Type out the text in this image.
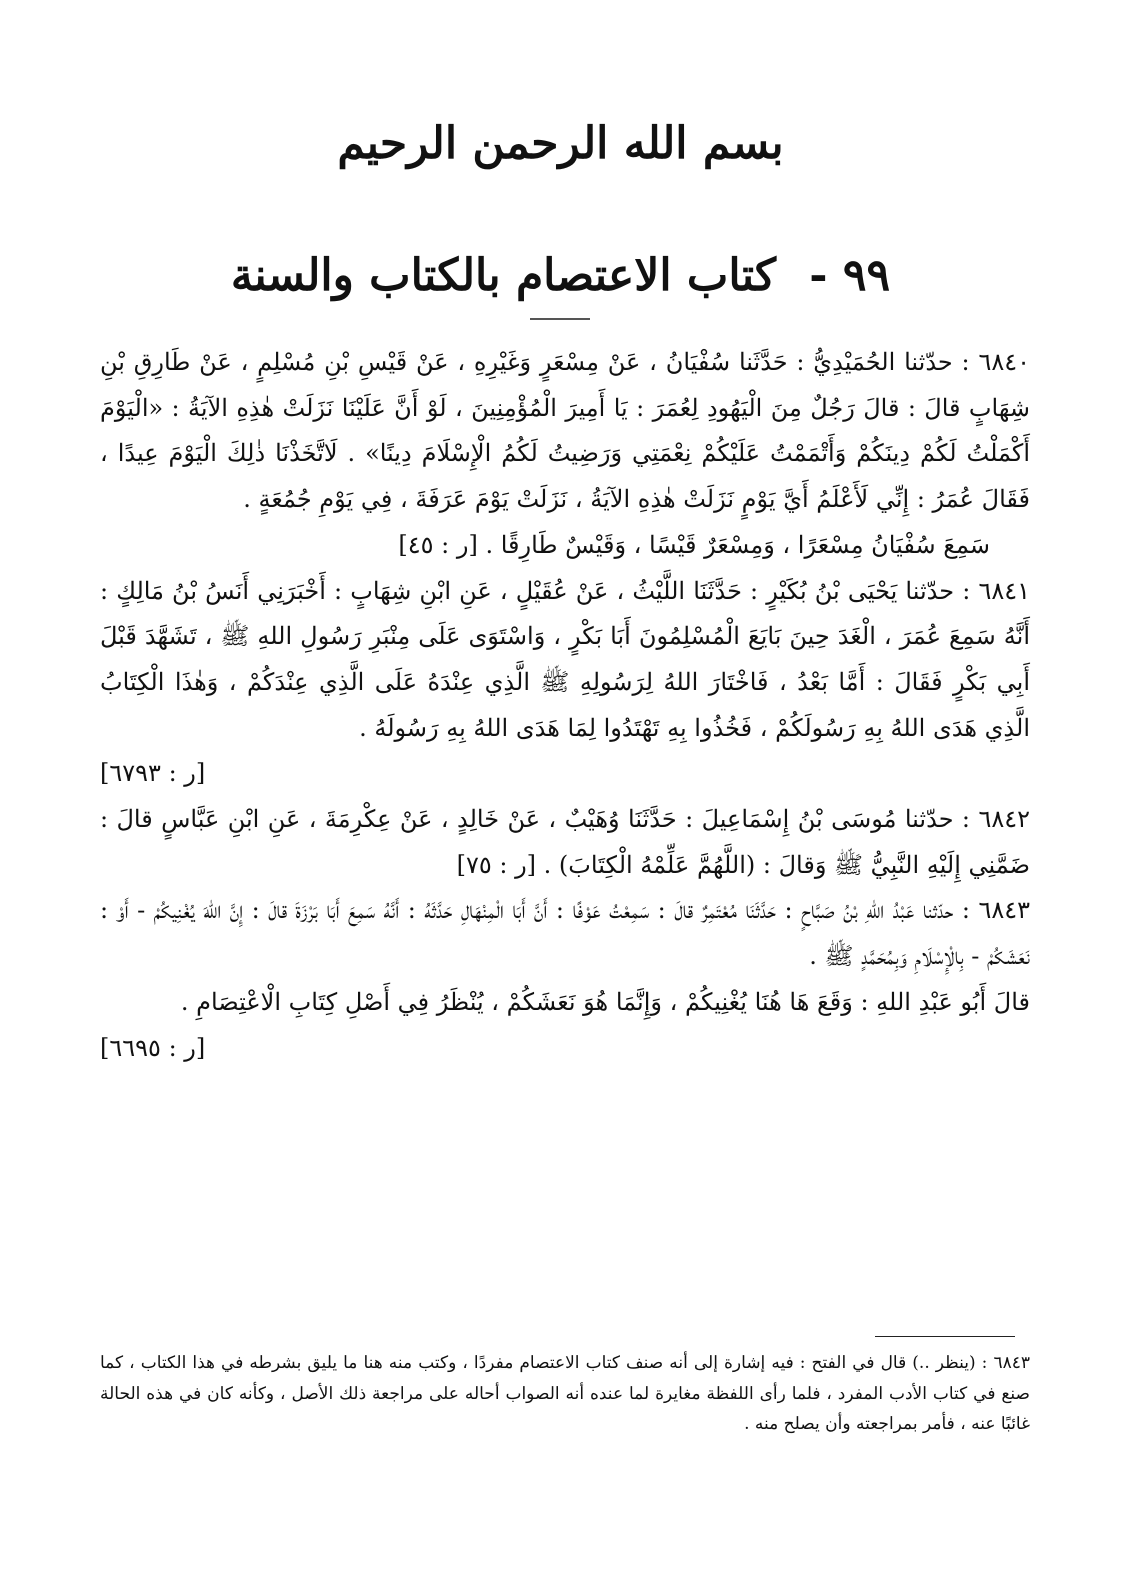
بسم الله الرحمن الرحيم
٩٩ - كتاب الاعتصام بالكتاب والسنة

٦٨٤٠ : حدّثنا الحُمَيْدِيُّ : حَدَّثَنا سُفْيَانُ ، عَنْ مِسْعَرٍ وَغَيْرِهِ ، عَنْ قَيْسِ بْنِ مُسْلِمٍ ، عَنْ طَارِقِ بْنِ شِهَابٍ قالَ : قالَ رَجُلٌ مِنَ الْيَهُودِ لِعُمَرَ : يَا أَمِيرَ الْمُؤْمِنِينَ ، لَوْ أَنَّ عَلَيْنَا نَزَلَتْ هٰذِهِ الآيَةُ : «الْيَوْمَ أَكْمَلْتُ لَكُمْ دِينَكُمْ وَأَتْمَمْتُ عَلَيْكُمْ نِعْمَتِي وَرَضِيتُ لَكُمُ الْإِسْلَامَ دِينًا» . لَاتَّخَذْنَا ذٰلِكَ الْيَوْمَ عِيدًا ، فَقَالَ عُمَرُ : إِنِّي لَأَعْلَمُ أَيَّ يَوْمٍ نَزَلَتْ هٰذِهِ الآيَةُ ، نَزَلَتْ يَوْمَ عَرَفَةَ ، فِي يَوْمِ جُمُعَةٍ .

سَمِعَ سُفْيَانُ مِسْعَرًا ، وَمِسْعَرٌ قَيْسًا ، وَقَيْسٌ طَارِقًا . [ر : ٤٥]

٦٨٤١ : حدّثنا يَحْيَى بْنُ بُكَيْرٍ : حَدَّثَنَا اللَّيْثُ ، عَنْ عُقَيْلٍ ، عَنِ ابْنِ شِهَابٍ : أَخْبَرَنِي أَنَسُ بْنُ مَالِكٍ : أَنَّهُ سَمِعَ عُمَرَ ، الْغَدَ حِينَ بَايَعَ الْمُسْلِمُونَ أَبَا بَكْرٍ ، وَاسْتَوَى عَلَى مِنْبَرِ رَسُولِ اللهِ ﷺ ، تَشَهَّدَ قَبْلَ أَبِي بَكْرٍ فَقَالَ : أَمَّا بَعْدُ ، فَاخْتَارَ اللهُ لِرَسُولِهِ ﷺ الَّذِي عِنْدَهُ عَلَى الَّذِي عِنْدَكُمْ ، وَهٰذَا الْكِتَابُ الَّذِي هَدَى اللهُ بِهِ رَسُولَكُمْ ، فَخُذُوا بِهِ تَهْتَدُوا لِمَا هَدَى اللهُ بِهِ رَسُولَهُ .

[ر : ٦٧٩٣]

٦٨٤٢ : حدّثنا مُوسَى بْنُ إِسْمَاعِيلَ : حَدَّثَنَا وُهَيْبٌ ، عَنْ خَالِدٍ ، عَنْ عِكْرِمَةَ ، عَنِ ابْنِ عَبَّاسٍ قالَ : ضَمَّنِي إِلَيْهِ النَّبِيُّ ﷺ وَقالَ : (اللَّهُمَّ عَلِّمْهُ الْكِتَابَ) . [ر : ٧٥]

٦٨٤٣ : حدّثنا عَبْدُ اللهِ بْنُ صَبَّاحٍ : حَدَّثَنَا مُعْتَمِرٌ قالَ : سَمِعْتُ عَوْفًا : أَنَّ أَبَا الْمِنْهَالِ حَدَّثَهُ : أَنَّهُ سَمِعَ أَبَا بَرْزَةَ قالَ : إِنَّ اللهَ يُغْنِيكُمْ - أَوْ : نَعَشَكُمْ - بِالْإِسْلَامِ وَبِمُحَمَّدٍ ﷺ .

قالَ أَبُو عَبْدِ اللهِ : وَقَعَ هَا هُنَا يُغْنِيكُمْ ، وَإِنَّمَا هُوَ نَعَشَكُمْ ، يُنْظَرُ فِي أَصْلِ كِتَابِ الْاعْتِصَامِ .

[ر : ٦٦٩٥]

٦٨٤٣ : (ينظر ..) قال في الفتح : فيه إشارة إلى أنه صنف كتاب الاعتصام مفردًا ، وكتب منه هنا ما يليق بشرطه في هذا الكتاب ، كما صنع في كتاب الأدب المفرد ، فلما رأى اللفظة مغايرة لما عنده أنه الصواب أحاله على مراجعة ذلك الأصل ، وكأنه كان في هذه الحالة غائبًا عنه ، فأمر بمراجعته وأن يصلح منه .
